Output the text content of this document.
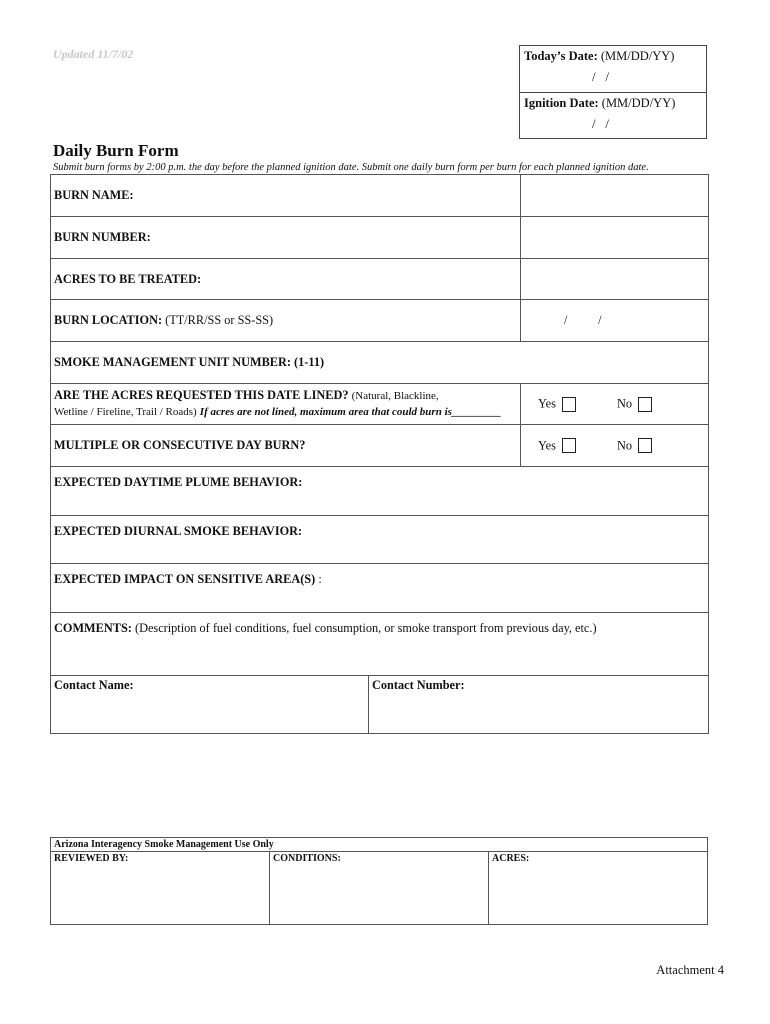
Updated 11/7/02	Today’s Date: (MM/DD/YY)
/   /
Ignition Date: (MM/DD/YY)
/   /
Daily Burn Form
Submit burn forms by 2:00 p.m. the day before the planned ignition date. Submit one daily burn form per burn for each planned ignition date.
BURN NAME:	
BURN NUMBER:	
ACRES TO BE TREATED:	
BURN LOCATION: (TT/RR/SS or SS-SS)	/          /
SMOKE MANAGEMENT UNIT NUMBER: (1-11)	
ARE THE ACRES REQUESTED THIS DATE LINED? (Natural, Blackline,
Wetline / Fireline, Trail / Roads) If acres are not lined, maximum area that could burn is_________	Yes No
MULTIPLE OR CONSECUTIVE DAY BURN?	Yes No
EXPECTED DAYTIME PLUME BEHAVIOR:	
EXPECTED DIURNAL SMOKE BEHAVIOR:	
EXPECTED IMPACT ON SENSITIVE AREA(S) :	
COMMENTS: (Description of fuel conditions, fuel consumption, or smoke transport from previous day, etc.)	
Contact Name:	Contact Number:
Arizona Interagency Smoke Management Use Only
REVIEWED BY:	CONDITIONS:	ACRES:
Attachment 4
